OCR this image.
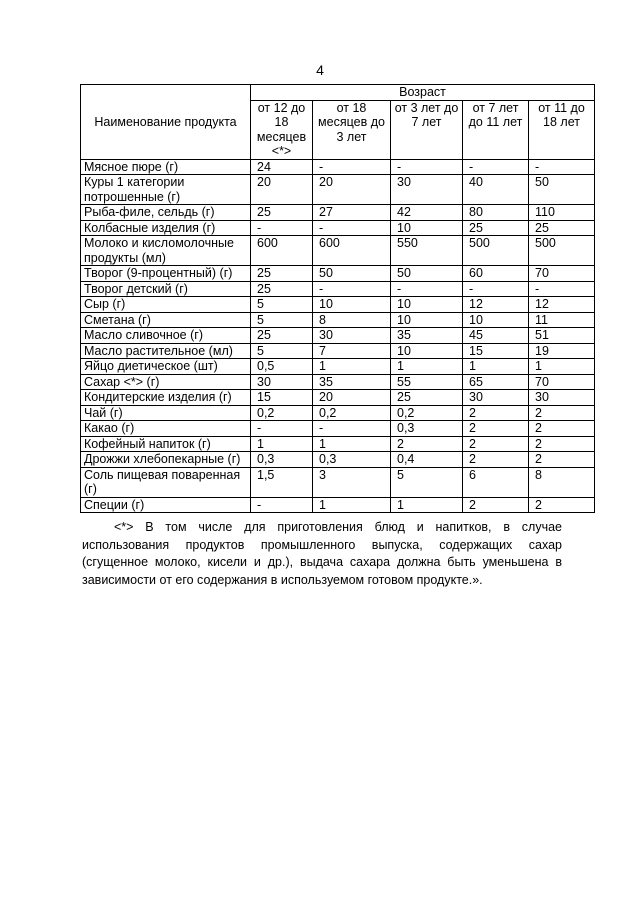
4
Наименование продукта	Возраст				
	от 12 до 18 месяцев <*>	от 18 месяцев до 3 лет	от 3 лет до 7 лет	от 7 лет до 11 лет	от 11 до 18 лет
Мясное пюре (г)	24	-	-	-	-
Куры 1 категории потрошенные (г)	20	20	30	40	50
Рыба-филе, сельдь (г)	25	27	42	80	110
Колбасные изделия (г)	-	-	10	25	25
Молоко и кисломолочные продукты (мл)	600	600	550	500	500
Творог (9-процентный) (г)	25	50	50	60	70
Творог детский (г)	25	-	-	-	-
Сыр (г)	5	10	10	12	12
Сметана (г)	5	8	10	10	11
Масло сливочное (г)	25	30	35	45	51
Масло растительное (мл)	5	7	10	15	19
Яйцо диетическое (шт)	0,5	1	1	1	1
Сахар <*> (г)	30	35	55	65	70
Кондитерские изделия (г)	15	20	25	30	30
Чай (г)	0,2	0,2	0,2	2	2
Какао (г)	-	-	0,3	2	2
Кофейный напиток (г)	1	1	2	2	2
Дрожжи хлебопекарные (г)	0,3	0,3	0,4	2	2
Соль пищевая поваренная (г)	1,5	3	5	6	8
Специи (г)	-	1	1	2	2

<*> В том числе для приготовления блюд и напитков, в случае использования продуктов промышленного выпуска, содержащих сахар (сгущенное молоко, кисели и др.), выдача сахара должна быть уменьшена в зависимости от его содержания в используемом готовом продукте.».
